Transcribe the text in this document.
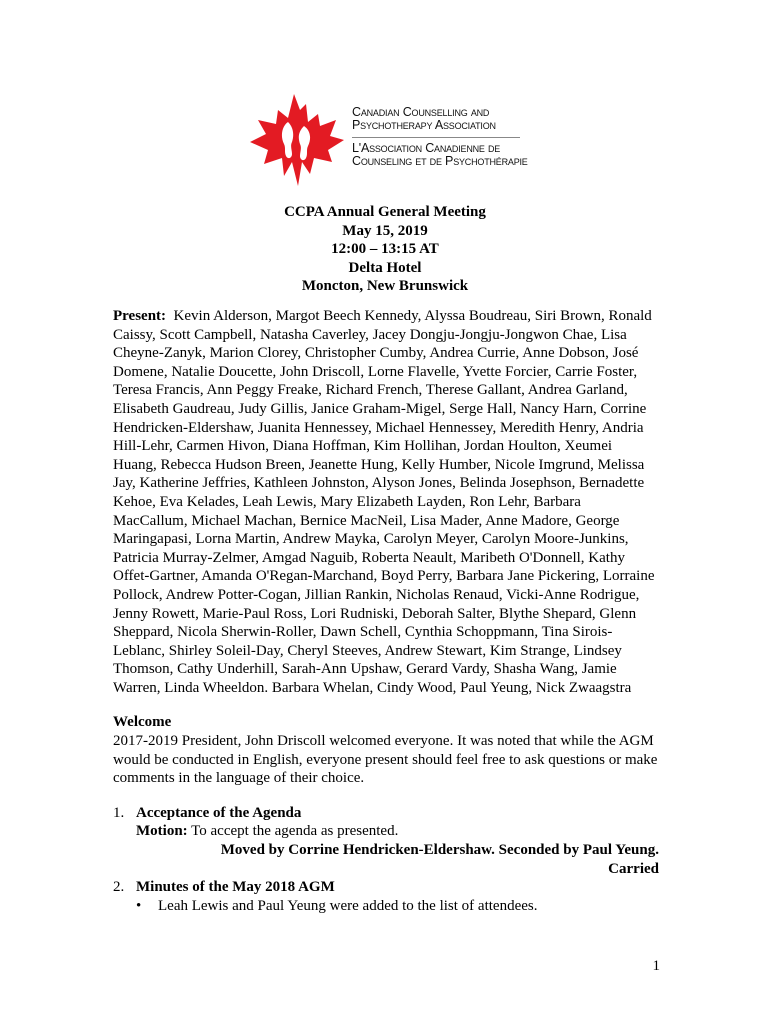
Canadian Counselling and
Psychotherapy Association
L'Association Canadienne de
Counseling et de Psychothérapie
CCPA Annual General Meeting
May 15, 2019
12:00 – 13:15 AT
Delta Hotel
Moncton, New Brunswick

Present: Kevin Alderson, Margot Beech Kennedy, Alyssa Boudreau, Siri Brown, Ronald Caissy, Scott Campbell, Natasha Caverley, Jacey Dongju-Jongju-Jongwon Chae, Lisa Cheyne-Zanyk, Marion Clorey, Christopher Cumby, Andrea Currie, Anne Dobson, José Domene, Natalie Doucette, John Driscoll, Lorne Flavelle, Yvette Forcier, Carrie Foster, Teresa Francis, Ann Peggy Freake, Richard French, Therese Gallant, Andrea Garland, Elisabeth Gaudreau, Judy Gillis, Janice Graham-Migel, Serge Hall, Nancy Harn, Corrine Hendricken-Eldershaw, Juanita Hennessey, Michael Hennessey, Meredith Henry, Andria Hill-Lehr, Carmen Hivon, Diana Hoffman, Kim Hollihan, Jordan Houlton, Xeumei Huang, Rebecca Hudson Breen, Jeanette Hung, Kelly Humber, Nicole Imgrund, Melissa Jay, Katherine Jeffries, Kathleen Johnston, Alyson Jones, Belinda Josephson, Bernadette Kehoe, Eva Kelades, Leah Lewis, Mary Elizabeth Layden, Ron Lehr, Barbara MacCallum, Michael Machan, Bernice MacNeil, Lisa Mader, Anne Madore, George Maringapasi, Lorna Martin, Andrew Mayka, Carolyn Meyer, Carolyn Moore-Junkins, Patricia Murray-Zelmer, Amgad Naguib, Roberta Neault, Maribeth O'Donnell, Kathy Offet-Gartner, Amanda O'Regan-Marchand, Boyd Perry, Barbara Jane Pickering, Lorraine Pollock, Andrew Potter-Cogan, Jillian Rankin, Nicholas Renaud, Vicki-Anne Rodrigue, Jenny Rowett, Marie-Paul Ross, Lori Rudniski, Deborah Salter, Blythe Shepard, Glenn Sheppard, Nicola Sherwin-Roller, Dawn Schell, Cynthia Schoppmann, Tina Sirois-Leblanc, Shirley Soleil-Day, Cheryl Steeves, Andrew Stewart, Kim Strange, Lindsey Thomson, Cathy Underhill, Sarah-Ann Upshaw, Gerard Vardy, Shasha Wang, Jamie Warren, Linda Wheeldon. Barbara Whelan, Cindy Wood, Paul Yeung, Nick Zwaagstra

Welcome

2017-2019 President, John Driscoll welcomed everyone. It was noted that while the AGM would be conducted in English, everyone present should feel free to ask questions or make comments in the language of their choice.

1. Acceptance of the Agenda
Motion: To accept the agenda as presented.
Moved by Corrine Hendricken-Eldershaw. Seconded by Paul Yeung.
Carried
2. Minutes of the May 2018 AGM
• Leah Lewis and Paul Yeung were added to the list of attendees.
1
